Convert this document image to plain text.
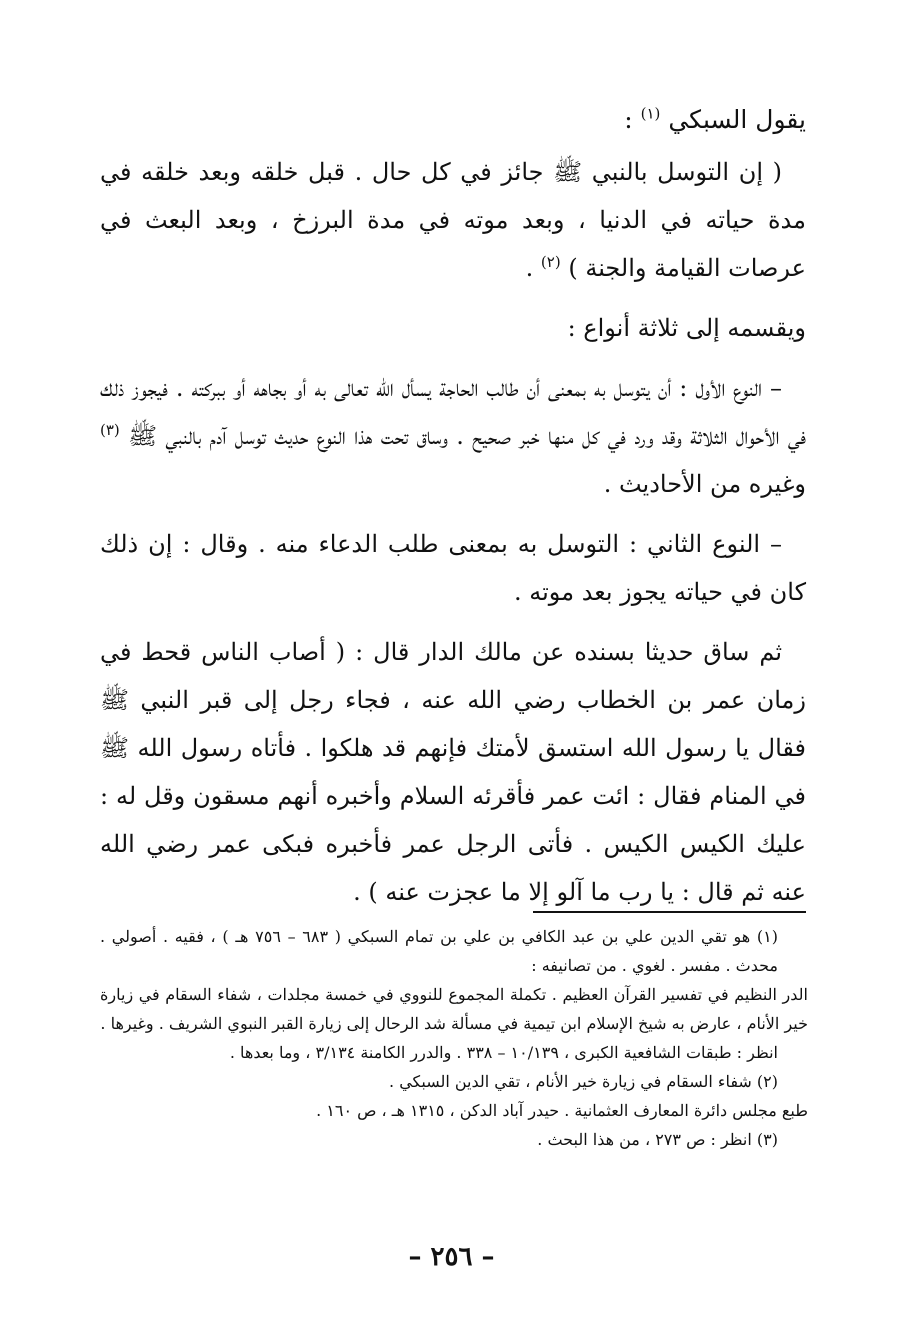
يقول السبكي $^{(١)}$ :

( إن التوسل بالنبي ﷺ جائز في كل حال . قبل خلقه وبعد خلقه في مدة حياته في الدنيا ، وبعد موته في مدة البرزخ ، وبعد البعث في عرصات القيامة والجنة ) $^{(٢)}$ .

ويقسمه إلى ثلاثة أنواع :

– النوع الأول : أن يتوسل به بمعنى أن طالب الحاجة يسأل الله تعالى به أو بجاهه أو ببركته . فيجوز ذلك في الأحوال الثلاثة وقد ورد في كل منها خبر صحيح . وساق تحت هذا النوع حديث توسل آدم بالنبي ﷺ $^{(٣)}$ وغيره من الأحاديث .

– النوع الثاني : التوسل به بمعنى طلب الدعاء منه . وقال : إن ذلك كان في حياته يجوز بعد موته .

ثم ساق حديثا بسنده عن مالك الدار قال : ( أصاب الناس قحط في زمان عمر بن الخطاب رضي الله عنه ، فجاء رجل إلى قبر النبي ﷺ فقال يا رسول الله استسق لأمتك فإنهم قد هلكوا . فأتاه رسول الله ﷺ في المنام فقال : ائت عمر فأقرئه السلام وأخبره أنهم مسقون وقل له : عليك الكيس الكيس . فأتى الرجل عمر فأخبره فبكى عمر رضي الله عنه ثم قال : يا رب ما آلو إلا ما عجزت عنه ) .

(١) هو تقي الدين علي بن عبد الكافي بن علي بن تمام السبكي ( ٦٨٣ – ٧٥٦ هـ ) ، فقيه . أصولي . محدث . مفسر . لغوي . من تصانيفه :

الدر النظيم في تفسير القرآن العظيم . تكملة المجموع للنووي في خمسة مجلدات ، شفاء السقام في زيارة خير الأنام ، عارض به شيخ الإسلام ابن تيمية في مسألة شد الرحال إلى زيارة القبر النبوي الشريف . وغيرها .

انظر : طبقات الشافعية الكبرى ، ١٠/١٣٩ – ٣٣٨ . والدرر الكامنة ٣/١٣٤ ، وما بعدها .

(٢) شفاء السقام في زيارة خير الأنام ، تقي الدين السبكي .

طبع مجلس دائرة المعارف العثمانية . حيدر آباد الدكن ، ١٣١٥ هـ ، ص ١٦٠ .

(٣) انظر : ص ٢٧٣ ، من هذا البحث .

– ٢٥٦ –
